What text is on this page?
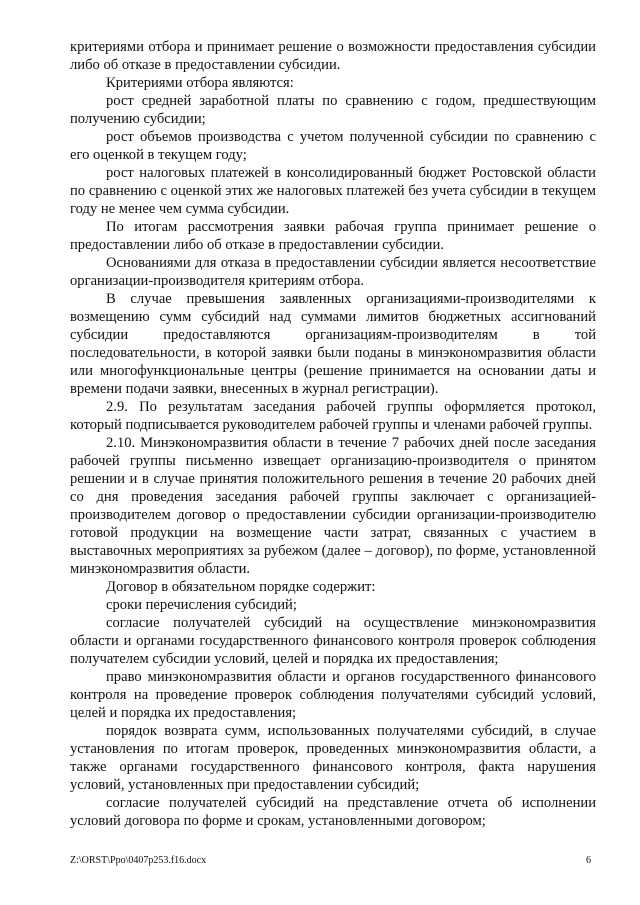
критериями отбора и принимает решение о возможности предоставления субсидии либо об отказе в предоставлении субсидии.

Критериями отбора являются:

рост средней заработной платы по сравнению с годом, предшествующим получению субсидии;

рост объемов производства с учетом полученной субсидии по сравнению с его оценкой в текущем году;

рост налоговых платежей в консолидированный бюджет Ростовской области по сравнению с оценкой этих же налоговых платежей без учета субсидии в текущем году не менее чем сумма субсидии.

По итогам рассмотрения заявки рабочая группа принимает решение о предоставлении либо об отказе в предоставлении субсидии.

Основаниями для отказа в предоставлении субсидии является несоответствие организации-производителя критериям отбора.

В случае превышения заявленных организациями-производителями к возмещению сумм субсидий над суммами лимитов бюджетных ассигнований субсидии предоставляются организациям-производителям в той последовательности, в которой заявки были поданы в минэкономразвития области или многофункциональные центры (решение принимается на основании даты и времени подачи заявки, внесенных в журнал регистрации).

2.9. По результатам заседания рабочей группы оформляется протокол, который подписывается руководителем рабочей группы и членами рабочей группы.

2.10. Минэкономразвития области в течение 7 рабочих дней после заседания рабочей группы письменно извещает организацию-производителя о принятом решении и в случае принятия положительного решения в течение 20 рабочих дней со дня проведения заседания рабочей группы заключает с организацией-производителем договор о предоставлении субсидии организации-производителю готовой продукции на возмещение части затрат, связанных с участием в выставочных мероприятиях за рубежом (далее – договор), по форме, установленной минэкономразвития области.

Договор в обязательном порядке содержит:

сроки перечисления субсидий;

согласие получателей субсидий на осуществление минэкономразвития области и органами государственного финансового контроля проверок соблюдения получателем субсидии условий, целей и порядка их предоставления;

право минэкономразвития области и органов государственного финансового контроля на проведение проверок соблюдения получателями субсидий условий, целей и порядка их предоставления;

порядок возврата сумм, использованных получателями субсидий, в случае установления по итогам проверок, проведенных минэкономразвития области, а также органами государственного финансового контроля, факта нарушения условий, установленных при предоставлении субсидий;

согласие получателей субсидий на представление отчета об исполнении условий договора по форме и срокам, установленными договором;

Z:\ORST\Ppo\0407p253.f16.docx	6
